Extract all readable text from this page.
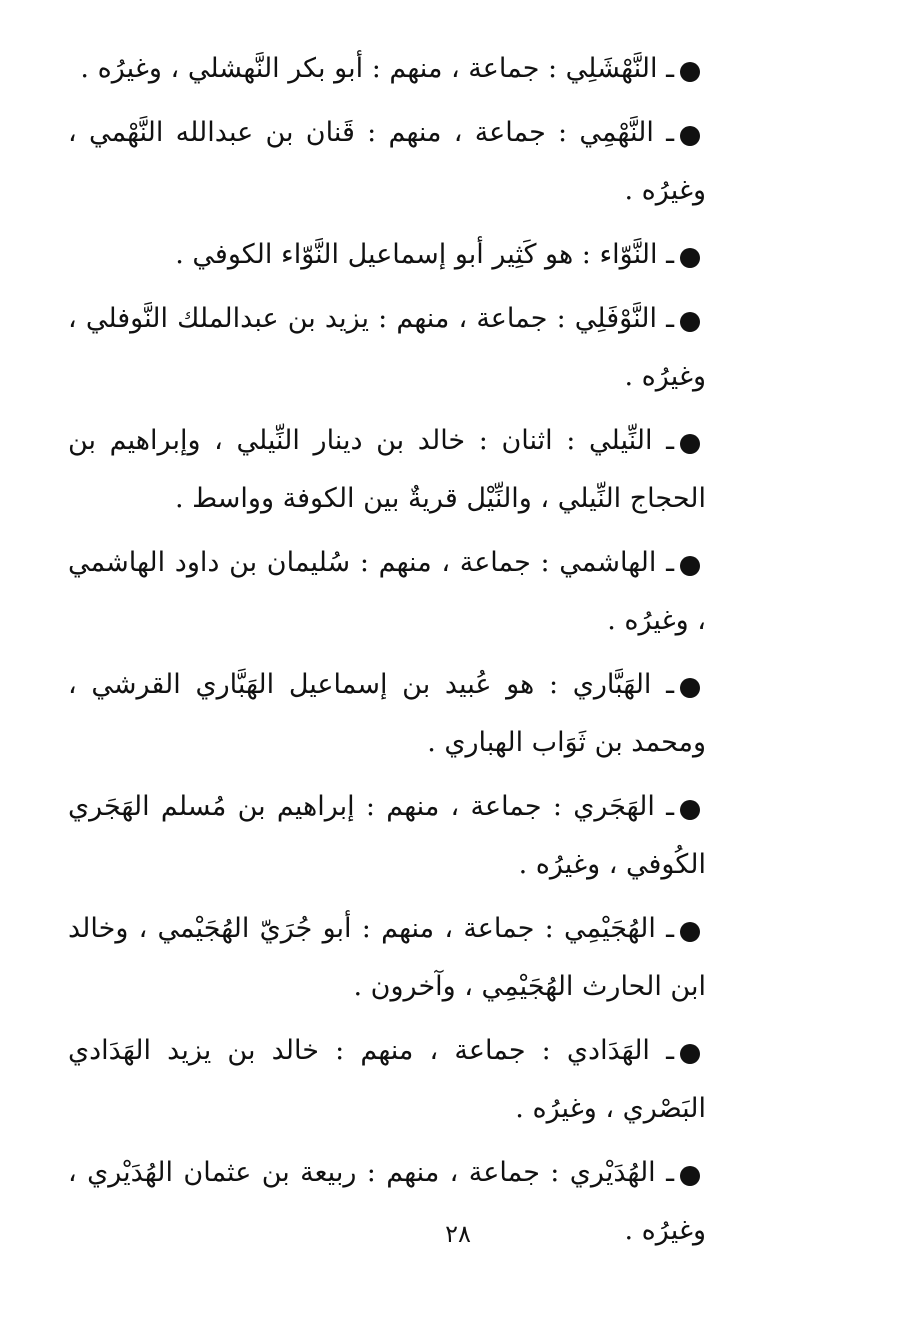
ـ النَّهْشَلِي : جماعة ، منهم : أبو بكر النَّهشلي ، وغيرُه .
ـ النَّهْمِي : جماعة ، منهم : قَنان بن عبدالله النَّهْمي ، وغيرُه .
ـ النَّوّاء : هو كَثِير أبو إسماعيل النَّوّاء الكوفي .
ـ النَّوْفَلِي : جماعة ، منهم : يزيد بن عبدالملك النَّوفلي ، وغيرُه .
ـ النِّيلي : اثنان : خالد بن دينار النِّيلي ، وإبراهيم بن الحجاج النِّيلي ، والنِّيْل قريةٌ بين الكوفة وواسط .
ـ الهاشمي : جماعة ، منهم : سُليمان بن داود الهاشمي ، وغيرُه .
ـ الهَبَّاري : هو عُبيد بن إسماعيل الهَبَّاري القرشي ، ومحمد بن ثَوَاب الهباري .
ـ الهَجَري : جماعة ، منهم : إبراهيم بن مُسلم الهَجَري الكُوفي ، وغيرُه .
ـ الهُجَيْمِي : جماعة ، منهم : أبو جُرَيّ الهُجَيْمي ، وخالد ابن الحارث الهُجَيْمِي ، وآخرون .
ـ الهَدَادي : جماعة ، منهم : خالد بن يزيد الهَدَادي البَصْري ، وغيرُه .
ـ الهُدَيْري : جماعة ، منهم : ربيعة بن عثمان الهُدَيْري ، وغيرُه .
٢٨
